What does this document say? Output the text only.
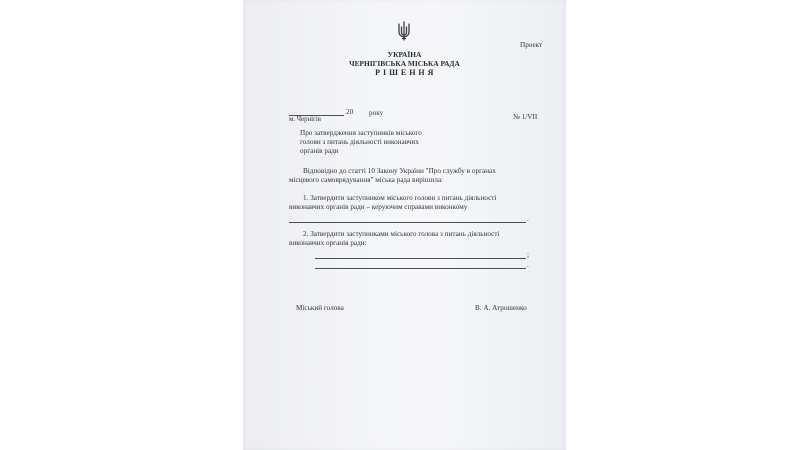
Проект
УКРАЇНА
ЧЕРНІГІВСЬКА МІСЬКА РАДА
Р І Ш Е Н Н Я
20 року
м. Чернігів	№ 1/VII
Про затвердження заступників міського
голови з питань діяльності виконавчих
органів ради
Відповідно до статті 10 Закону України "Про службу в органах
місцевого самоврядування" міська рада вирішила:
1. Затвердити заступником міського голови з питань діяльності
виконавчих органів ради – керуючим справами виконкому
.
2. Затвердити заступниками міського голова з питань діяльності
виконавчих органів ради:
;
.
Міський голова	В. А. Атрошенко
